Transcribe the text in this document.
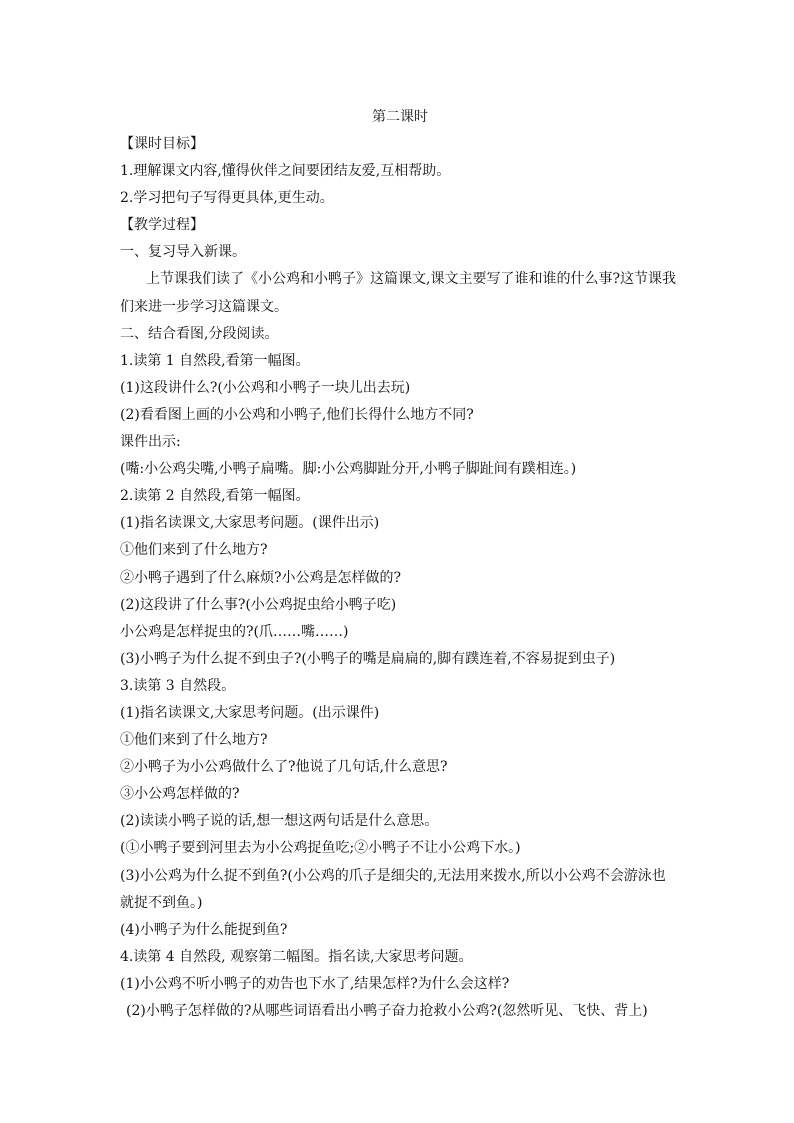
第二课时

【课时目标】

1.理解课文内容,懂得伙伴之间要团结友爱,互相帮助。

2.学习把句子写得更具体,更生动。

【教学过程】

一、复习导入新课。

上节课我们读了《小公鸡和小鸭子》这篇课文,课文主要写了谁和谁的什么事?这节课我

们来进一步学习这篇课文。

二、结合看图,分段阅读。

1.读第 1 自然段,看第一幅图。

(1)这段讲什么?(小公鸡和小鸭子一块儿出去玩)

(2)看看图上画的小公鸡和小鸭子,他们长得什么地方不同?

课件出示:

(嘴:小公鸡尖嘴,小鸭子扁嘴。脚:小公鸡脚趾分开,小鸭子脚趾间有蹼相连。)

2.读第 2 自然段,看第一幅图。

(1)指名读课文,大家思考问题。(课件出示)

①他们来到了什么地方?

②小鸭子遇到了什么麻烦?小公鸡是怎样做的?

(2)这段讲了什么事?(小公鸡捉虫给小鸭子吃)

小公鸡是怎样捉虫的?(爪……嘴……)

(3)小鸭子为什么捉不到虫子?(小鸭子的嘴是扁扁的,脚有蹼连着,不容易捉到虫子)

3.读第 3 自然段。

(1)指名读课文,大家思考问题。(出示课件)

①他们来到了什么地方?

②小鸭子为小公鸡做什么了?他说了几句话,什么意思?

③小公鸡怎样做的?

(2)读读小鸭子说的话,想一想这两句话是什么意思。

(①小鸭子要到河里去为小公鸡捉鱼吃;②小鸭子不让小公鸡下水。)

(3)小公鸡为什么捉不到鱼?(小公鸡的爪子是细尖的,无法用来拨水,所以小公鸡不会游泳也

就捉不到鱼。)

(4)小鸭子为什么能捉到鱼?

4.读第 4 自然段, 观察第二幅图。指名读,大家思考问题。

(1)小公鸡不听小鸭子的劝告也下水了,结果怎样?为什么会这样?

(2)小鸭子怎样做的?从哪些词语看出小鸭子奋力抢救小公鸡?(忽然听见、飞快、背上)
